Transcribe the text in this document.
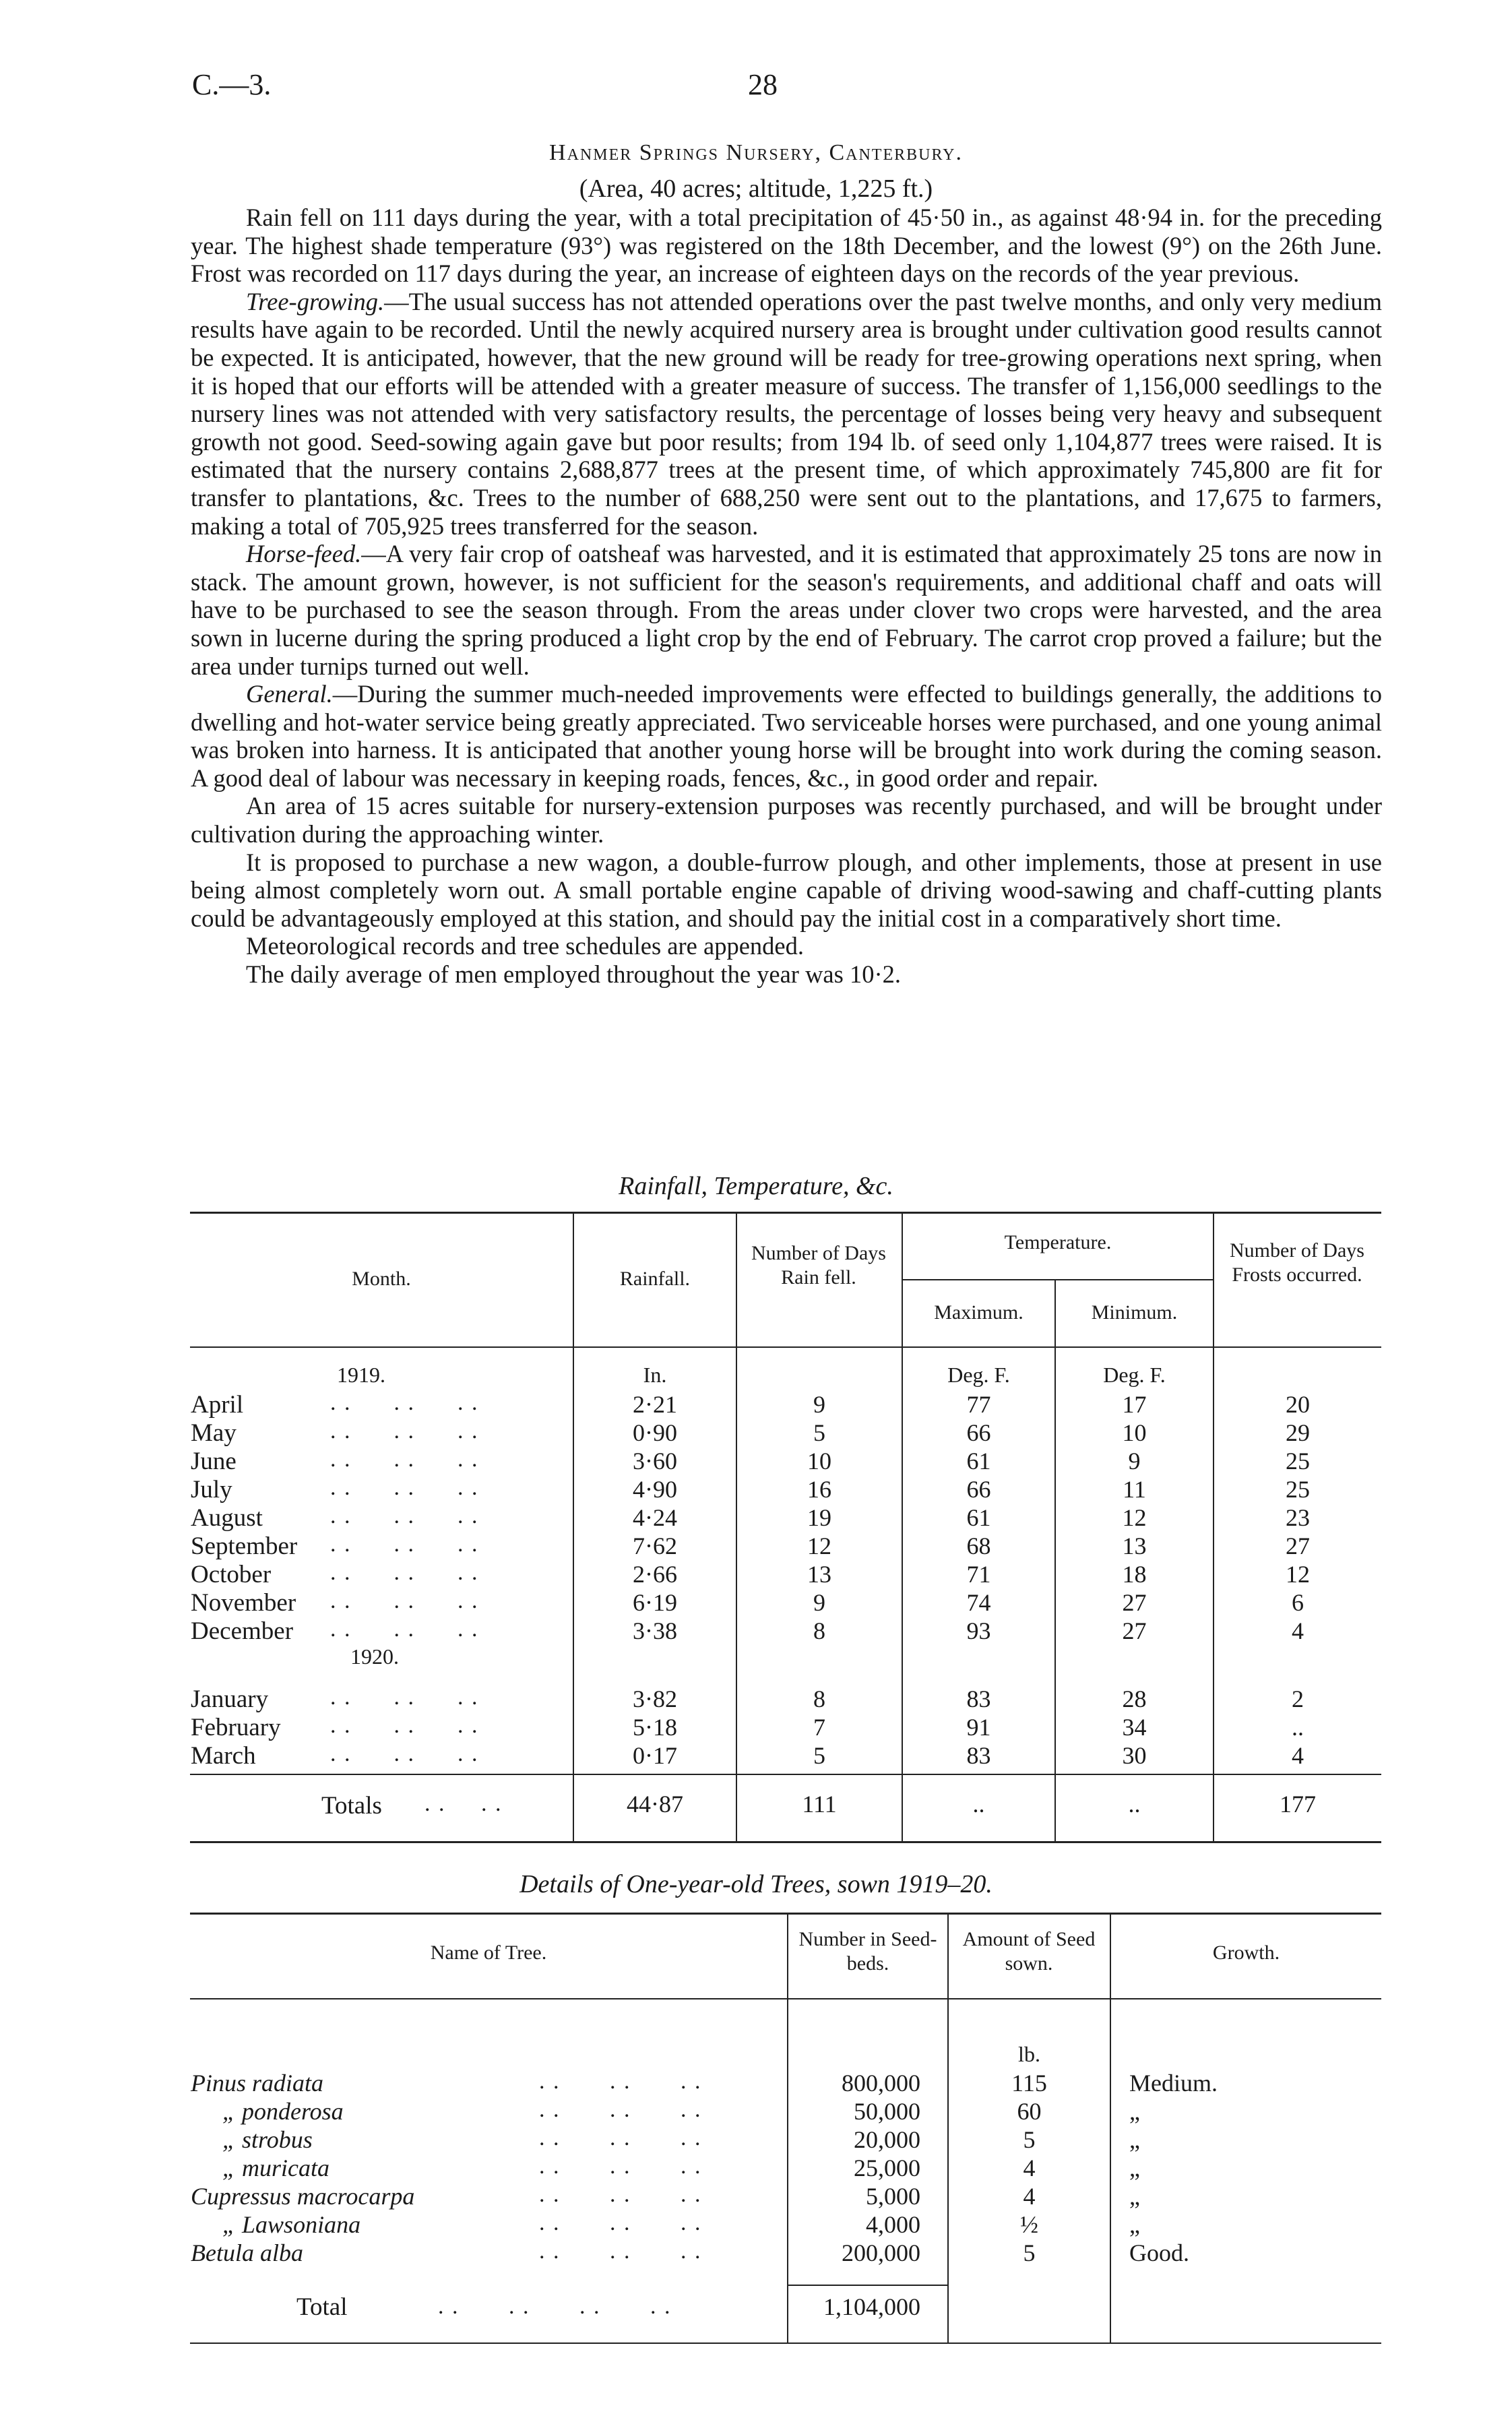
C.—3.	28
Hanmer Springs Nursery, Canterbury.
(Area, 40 acres; altitude, 1,225 ft.)

Rain fell on 111 days during the year, with a total precipitation of 45·50 in., as against 48·94 in. for the preceding year. The highest shade temperature (93°) was registered on the 18th December, and the lowest (9°) on the 26th June. Frost was recorded on 117 days during the year, an increase of eighteen days on the records of the year previous.

Tree-growing.—The usual success has not attended operations over the past twelve months, and only very medium results have again to be recorded. Until the newly acquired nursery area is brought under cultivation good results cannot be expected. It is anticipated, however, that the new ground will be ready for tree-growing operations next spring, when it is hoped that our efforts will be attended with a greater measure of success. The transfer of 1,156,000 seedlings to the nursery lines was not attended with very satisfactory results, the percentage of losses being very heavy and subsequent growth not good. Seed-sowing again gave but poor results; from 194 lb. of seed only 1,104,877 trees were raised. It is estimated that the nursery contains 2,688,877 trees at the present time, of which approximately 745,800 are fit for transfer to plantations, &c. Trees to the number of 688,250 were sent out to the plantations, and 17,675 to farmers, making a total of 705,925 trees transferred for the season.

Horse-feed.—A very fair crop of oatsheaf was harvested, and it is estimated that approximately 25 tons are now in stack. The amount grown, however, is not sufficient for the season's requirements, and additional chaff and oats will have to be purchased to see the season through. From the areas under clover two crops were harvested, and the area sown in lucerne during the spring produced a light crop by the end of February. The carrot crop proved a failure; but the area under turnips turned out well.

General.—During the summer much-needed improvements were effected to buildings generally, the additions to dwelling and hot-water service being greatly appreciated. Two serviceable horses were purchased, and one young animal was broken into harness. It is anticipated that another young horse will be brought into work during the coming season. A good deal of labour was necessary in keeping roads, fences, &c., in good order and repair.

An area of 15 acres suitable for nursery-extension purposes was recently purchased, and will be brought under cultivation during the approaching winter.

It is proposed to purchase a new wagon, a double-furrow plough, and other implements, those at present in use being almost completely worn out. A small portable engine capable of driving wood-sawing and chaff-cutting plants could be advantageously employed at this station, and should pay the initial cost in a comparatively short time.

Meteorological records and tree schedules are appended.

The daily average of men employed throughout the year was 10·2.

Rainfall, Temperature, &c.
Month.	Rainfall.
Number of Days Rain fell.
Temperature.
Maximum.	Minimum.
Number of Days Frosts occurred.
1919.	In.	Deg. F.	Deg. F.
1920.
April	. .      . .      . .	2·21	9	77	17	20
May	. .      . .      . .	0·90	5	66	10	29
June	. .      . .      . .	3·60	10	61	9	25
July	. .      . .      . .	4·90	16	66	11	25
August	. .      . .      . .	4·24	19	61	12	23
September . .      . .      . .	7·62	12	68	13	27
October	. .      . .      . .	2·66	13	71	18	12
November . .      . .      . .	6·19	9	74	27	6
December . .      . .      . .	3·38	8	93	27	4
January	. .      . .      . .	3·82	8	83	28	2
February . .      . .      . .	5·18	7	91	34	..
March	. .      . .      . .	0·17	5	83	30	4
Totals . .     . .	44·87	111	..	..	177
Details of One-year-old Trees, sown 1919–20.
Name of Tree.
Number in Seed-beds.
Amount of Seed sown.	Growth.
lb.
Pinus radiata	. .       . .       . .	800,000	115	Medium.
„ ponderosa	. .       . .       . .	50,000	60	„
„ strobus	. .       . .       . .	20,000	5	„
„ muricata	. .       . .       . .	25,000	4	„
Cupressus macrocarpa	. .       . .       . .	5,000	4	„
„ Lawsoniana	. .       . .       . .	4,000	½	„
Betula alba	. .       . .       . .	200,000	5	Good.
Total	. .       . .       . .       . .	1,104,000
